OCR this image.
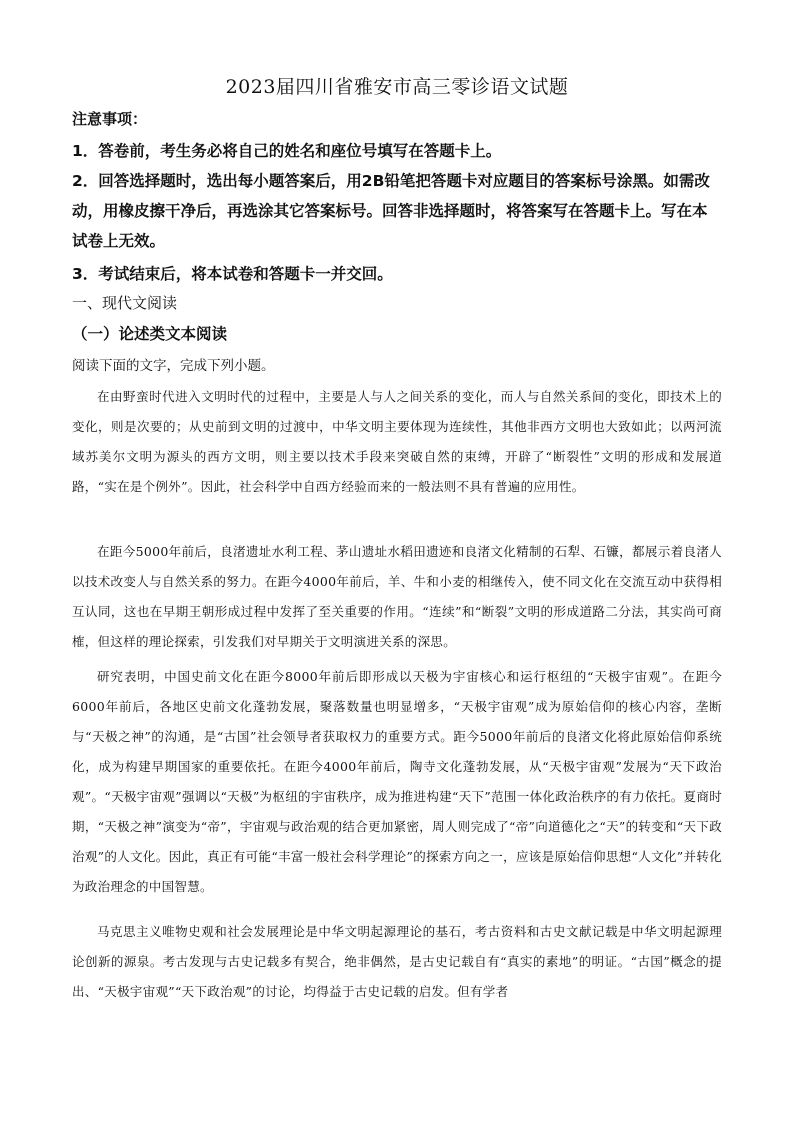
2023届四川省雅安市高三零诊语文试题
注意事项：
1．答卷前，考生务必将自己的姓名和座位号填写在答题卡上。
2．回答选择题时，选出每小题答案后，用2B铅笔把答题卡对应题目的答案标号涂黑。如需改动，用橡皮擦干净后，再选涂其它答案标号。回答非选择题时，将答案写在答题卡上。写在本试卷上无效。
3．考试结束后，将本试卷和答题卡一并交回。
一、现代文阅读
（一）论述类文本阅读
阅读下面的文字，完成下列小题。
在由野蛮时代进入文明时代的过程中，主要是人与人之间关系的变化，而人与自然关系间的变化，即技术上的变化，则是次要的；从史前到文明的过渡中，中华文明主要体现为连续性，其他非西方文明也大致如此；以两河流域苏美尔文明为源头的西方文明，则主要以技术手段来突破自然的束缚，开辟了“断裂性”文明的形成和发展道路，“实在是个例外”。因此，社会科学中自西方经验而来的一般法则不具有普遍的应用性。
在距今5000年前后，良渚遗址水利工程、茅山遗址水稻田遗迹和良渚文化精制的石犁、石镰，都展示着良渚人以技术改变人与自然关系的努力。在距今4000年前后，羊、牛和小麦的相继传入，使不同文化在交流互动中获得相互认同，这也在早期王朝形成过程中发挥了至关重要的作用。“连续”和“断裂”文明的形成道路二分法，其实尚可商榷，但这样的理论探索，引发我们对早期关于文明演进关系的深思。
研究表明，中国史前文化在距今8000年前后即形成以天极为宇宙核心和运行枢纽的“天极宇宙观”。在距今6000年前后，各地区史前文化蓬勃发展，聚落数量也明显增多，“天极宇宙观”成为原始信仰的核心内容，垄断与“天极之神”的沟通，是“古国”社会领导者获取权力的重要方式。距今5000年前后的良渚文化将此原始信仰系统化，成为构建早期国家的重要依托。在距今4000年前后，陶寺文化蓬勃发展，从“天极宇宙观”发展为“天下政治观”。“天极宇宙观”强调以“天极”为枢纽的宇宙秩序，成为推进构建“天下”范围一体化政治秩序的有力依托。夏商时期，“天极之神”演变为“帝”，宇宙观与政治观的结合更加紧密，周人则完成了“帝”向道德化之“天”的转变和“天下政治观”的人文化。因此，真正有可能“丰富一般社会科学理论”的探索方向之一，应该是原始信仰思想“人文化”并转化为政治理念的中国智慧。
马克思主义唯物史观和社会发展理论是中华文明起源理论的基石，考古资料和古史文献记载是中华文明起源理论创新的源泉。考古发现与古史记载多有契合，绝非偶然，是古史记载自有“真实的素地”的明证。“古国”概念的提出、“天极宇宙观”“天下政治观”的讨论，均得益于古史记载的启发。但有学者
